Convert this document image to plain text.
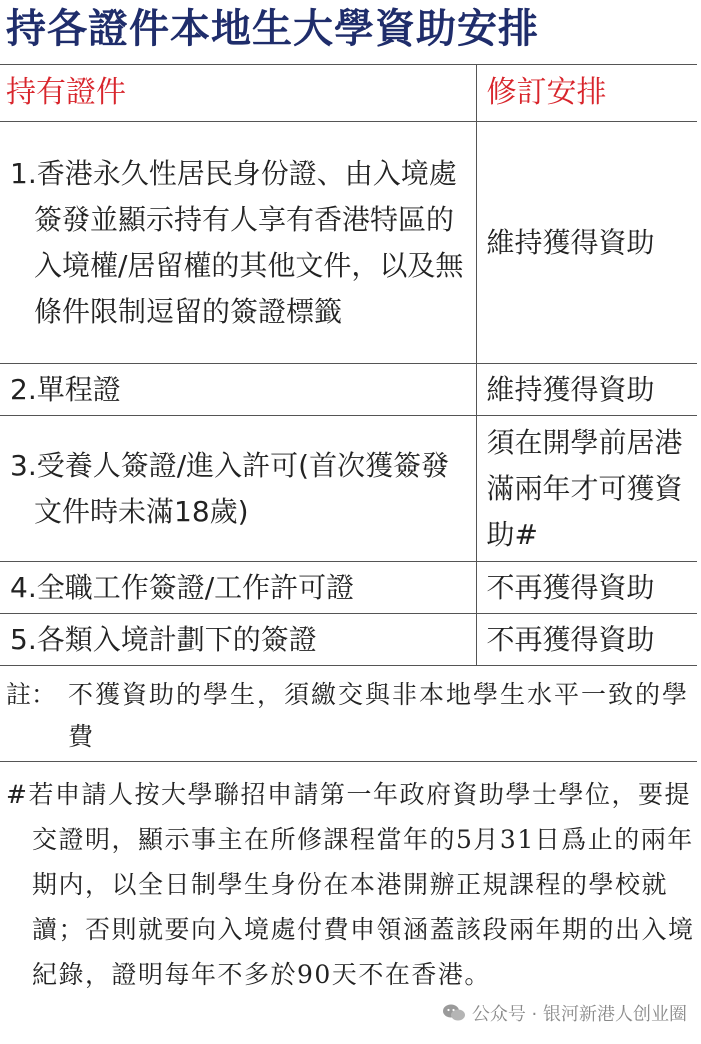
持各證件本地生大學資助安排
持有證件	修訂安排

1.香港永久性居民身份證、由入境處簽發並顯示持有人享有香港特區的入境權/居留權的其他文件，以及無條件限制逗留的簽證標籤	維持獲得資助

2.單程證	維持獲得資助

3.受養人簽證/進入許可(首次獲簽發文件時未滿18歲)	須在開學前居港滿兩年才可獲資助#

4.全職工作簽證/工作許可證	不再獲得資助

5.各類入境計劃下的簽證	不再獲得資助
註： 不獲資助的學生，須繳交與非本地學生水平一致的學費
#若申請人按大學聯招申請第一年政府資助學士學位，要提交證明，顯示事主在所修課程當年的5月31日爲止的兩年期内，以全日制學生身份在本港開辦正規課程的學校就讀；否則就要向入境處付費申領涵蓋該段兩年期的出入境紀錄，證明每年不多於90天不在香港。
公众号 · 银河新港人创业圈
